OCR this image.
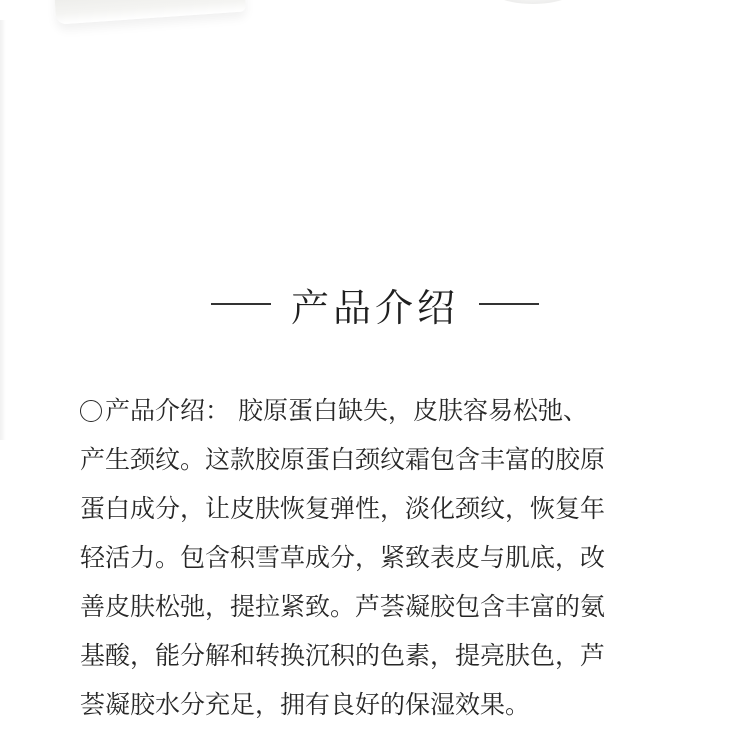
产品介绍
产品介绍： 胶原蛋白缺失，皮肤容易松弛、
产生颈纹。这款胶原蛋白颈纹霜包含丰富的胶原
蛋白成分，让皮肤恢复弹性，淡化颈纹，恢复年
轻活力。包含积雪草成分，紧致表皮与肌底，改
善皮肤松弛，提拉紧致。芦荟凝胶包含丰富的氨
基酸，能分解和转换沉积的色素，提亮肤色，芦
荟凝胶水分充足，拥有良好的保湿效果。
